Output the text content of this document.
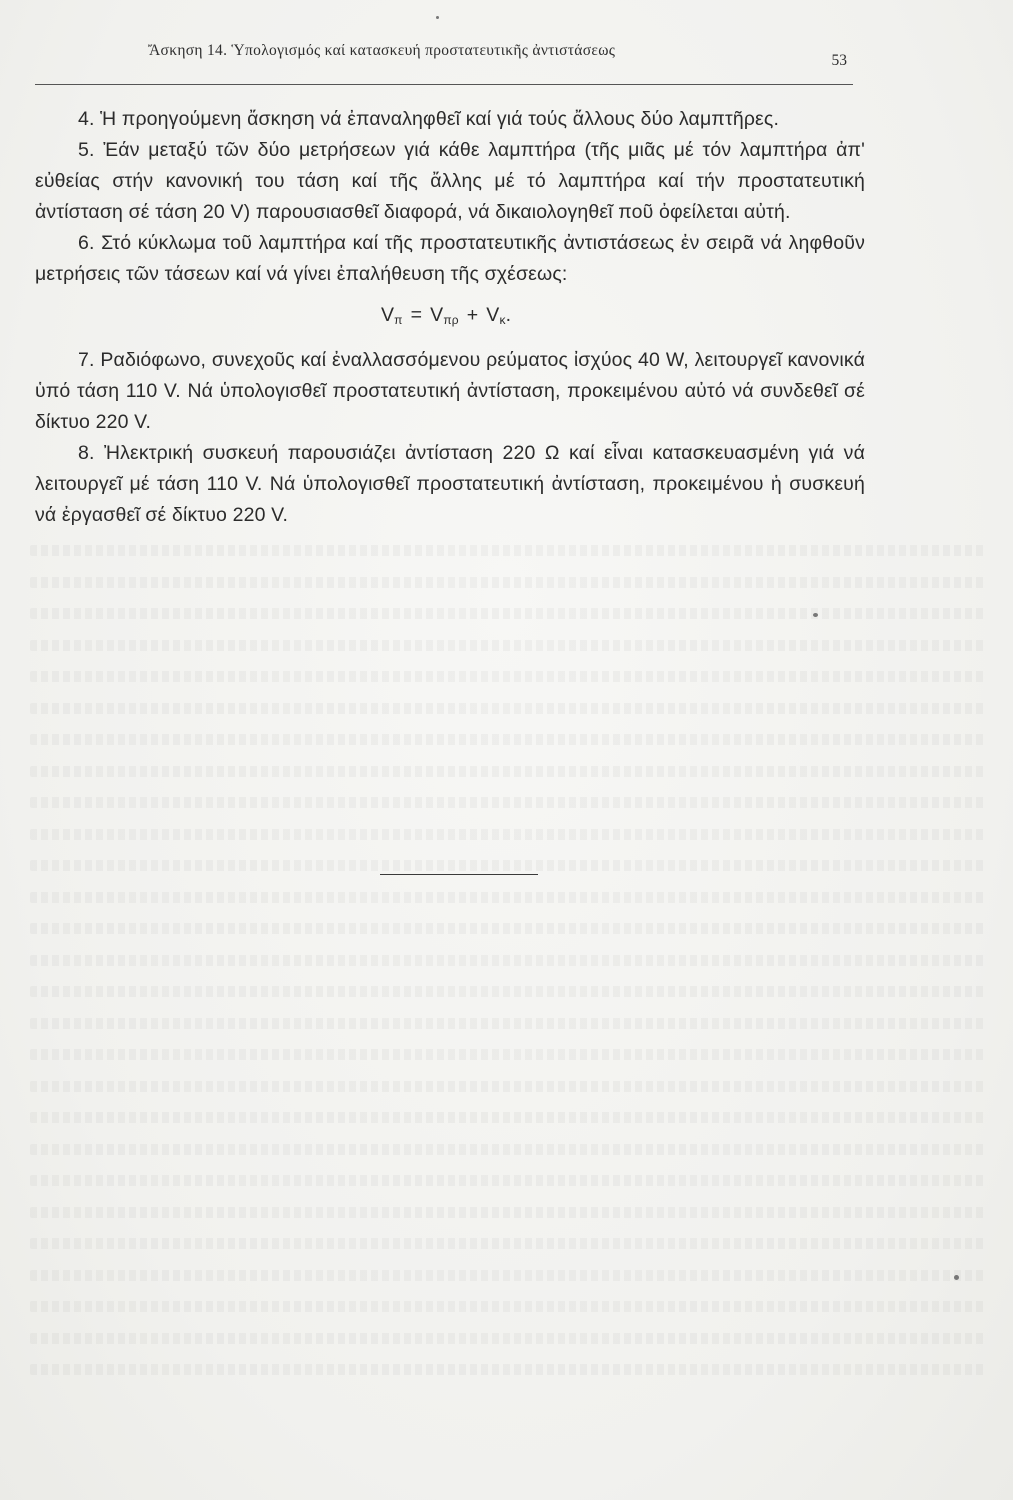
Ἄσκηση 14. Ὑπολογισμός καί κατασκευή προστατευτικῆς ἀντιστάσεως
53

4. Ἡ προηγούμενη ἄσκηση νά ἐπαναληφθεῖ καί γιά τούς ἄλλους δύο λαμπτῆρες.

5. Ἐάν μεταξύ τῶν δύο μετρήσεων γιά κάθε λαμπτήρα (τῆς μιᾶς μέ τόν λαμπτήρα ἀπ' εὐθείας στήν κανονική του τάση καί τῆς ἄλλης μέ τό λαμπτήρα καί τήν προστατευτική ἀντίσταση σέ τάση 20 V) παρουσιασθεῖ διαφορά, νά δικαιολογηθεῖ ποῦ ὀφείλεται αὐτή.

6. Στό κύκλωμα τοῦ λαμπτήρα καί τῆς προστατευτικῆς ἀντιστάσεως ἐν σειρᾶ νά ληφθοῦν μετρήσεις τῶν τάσεων καί νά γίνει ἐπαλήθευση τῆς σχέσεως:

$V_\pi = V_{\pi\rho} + V_\kappa$.

7. Ραδιόφωνο, συνεχοῦς καί ἐναλλασσόμενου ρεύματος ἰσχύος 40 W, λειτουργεῖ κανονικά ὑπό τάση 110 V. Νά ὑπολογισθεῖ προστατευτική ἀντίσταση, προκειμένου αὐτό νά συνδεθεῖ σέ δίκτυο 220 V.

8. Ἠλεκτρική συσκευή παρουσιάζει ἀντίσταση 220 Ω καί εἶναι κατασκευασμένη γιά νά λειτουργεῖ μέ τάση 110 V. Νά ὑπολογισθεῖ προστατευτική ἀντίσταση, προκειμένου ἡ συσκευή νά ἐργασθεῖ σέ δίκτυο 220 V.
